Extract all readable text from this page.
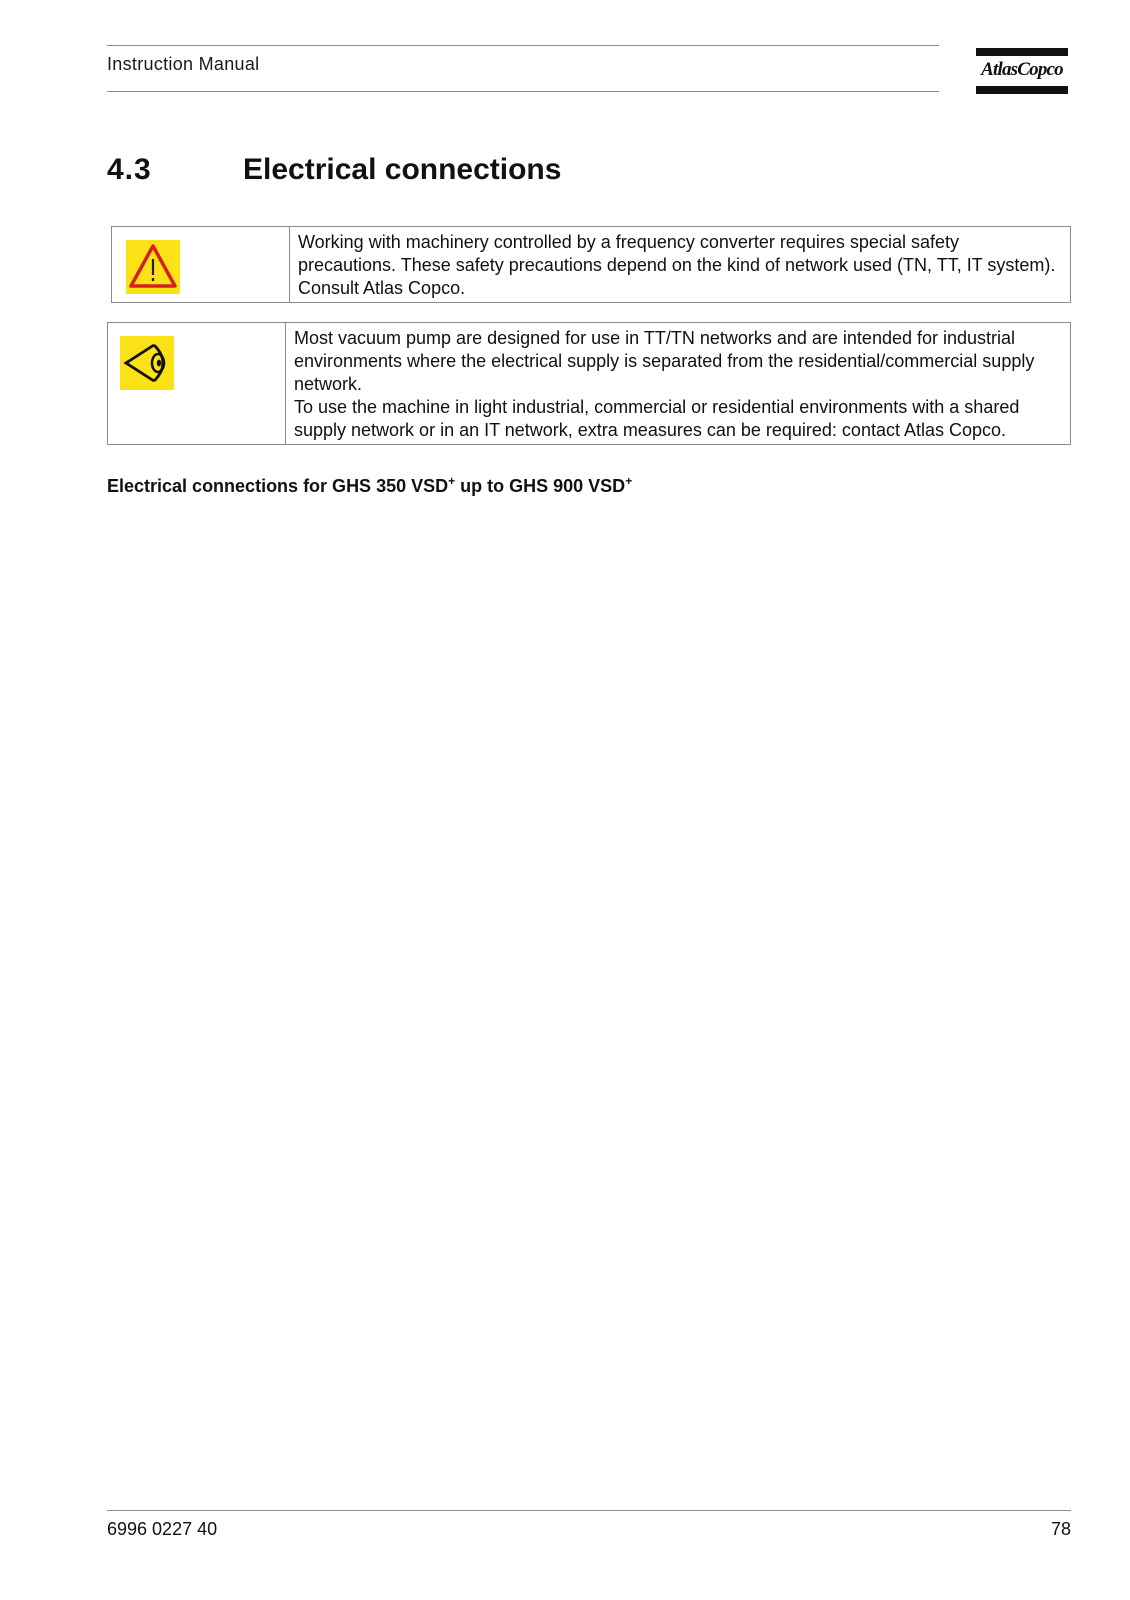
Instruction Manual	AtlasCopco
4.3	Electrical connections
Working with machinery controlled by a frequency converter requires special safety precautions. These safety precautions depend on the kind of network used (TN, TT, IT system). Consult Atlas Copco.
Most vacuum pump are designed for use in TT/TN networks and are intended for industrial environments where the electrical supply is separated from the residential/commercial supply network.
To use the machine in light industrial, commercial or residential environments with a shared supply network or in an IT network, extra measures can be required: contact Atlas Copco.
Electrical connections for GHS 350 VSD+ up to GHS 900 VSD+
6996 0227 40	78
